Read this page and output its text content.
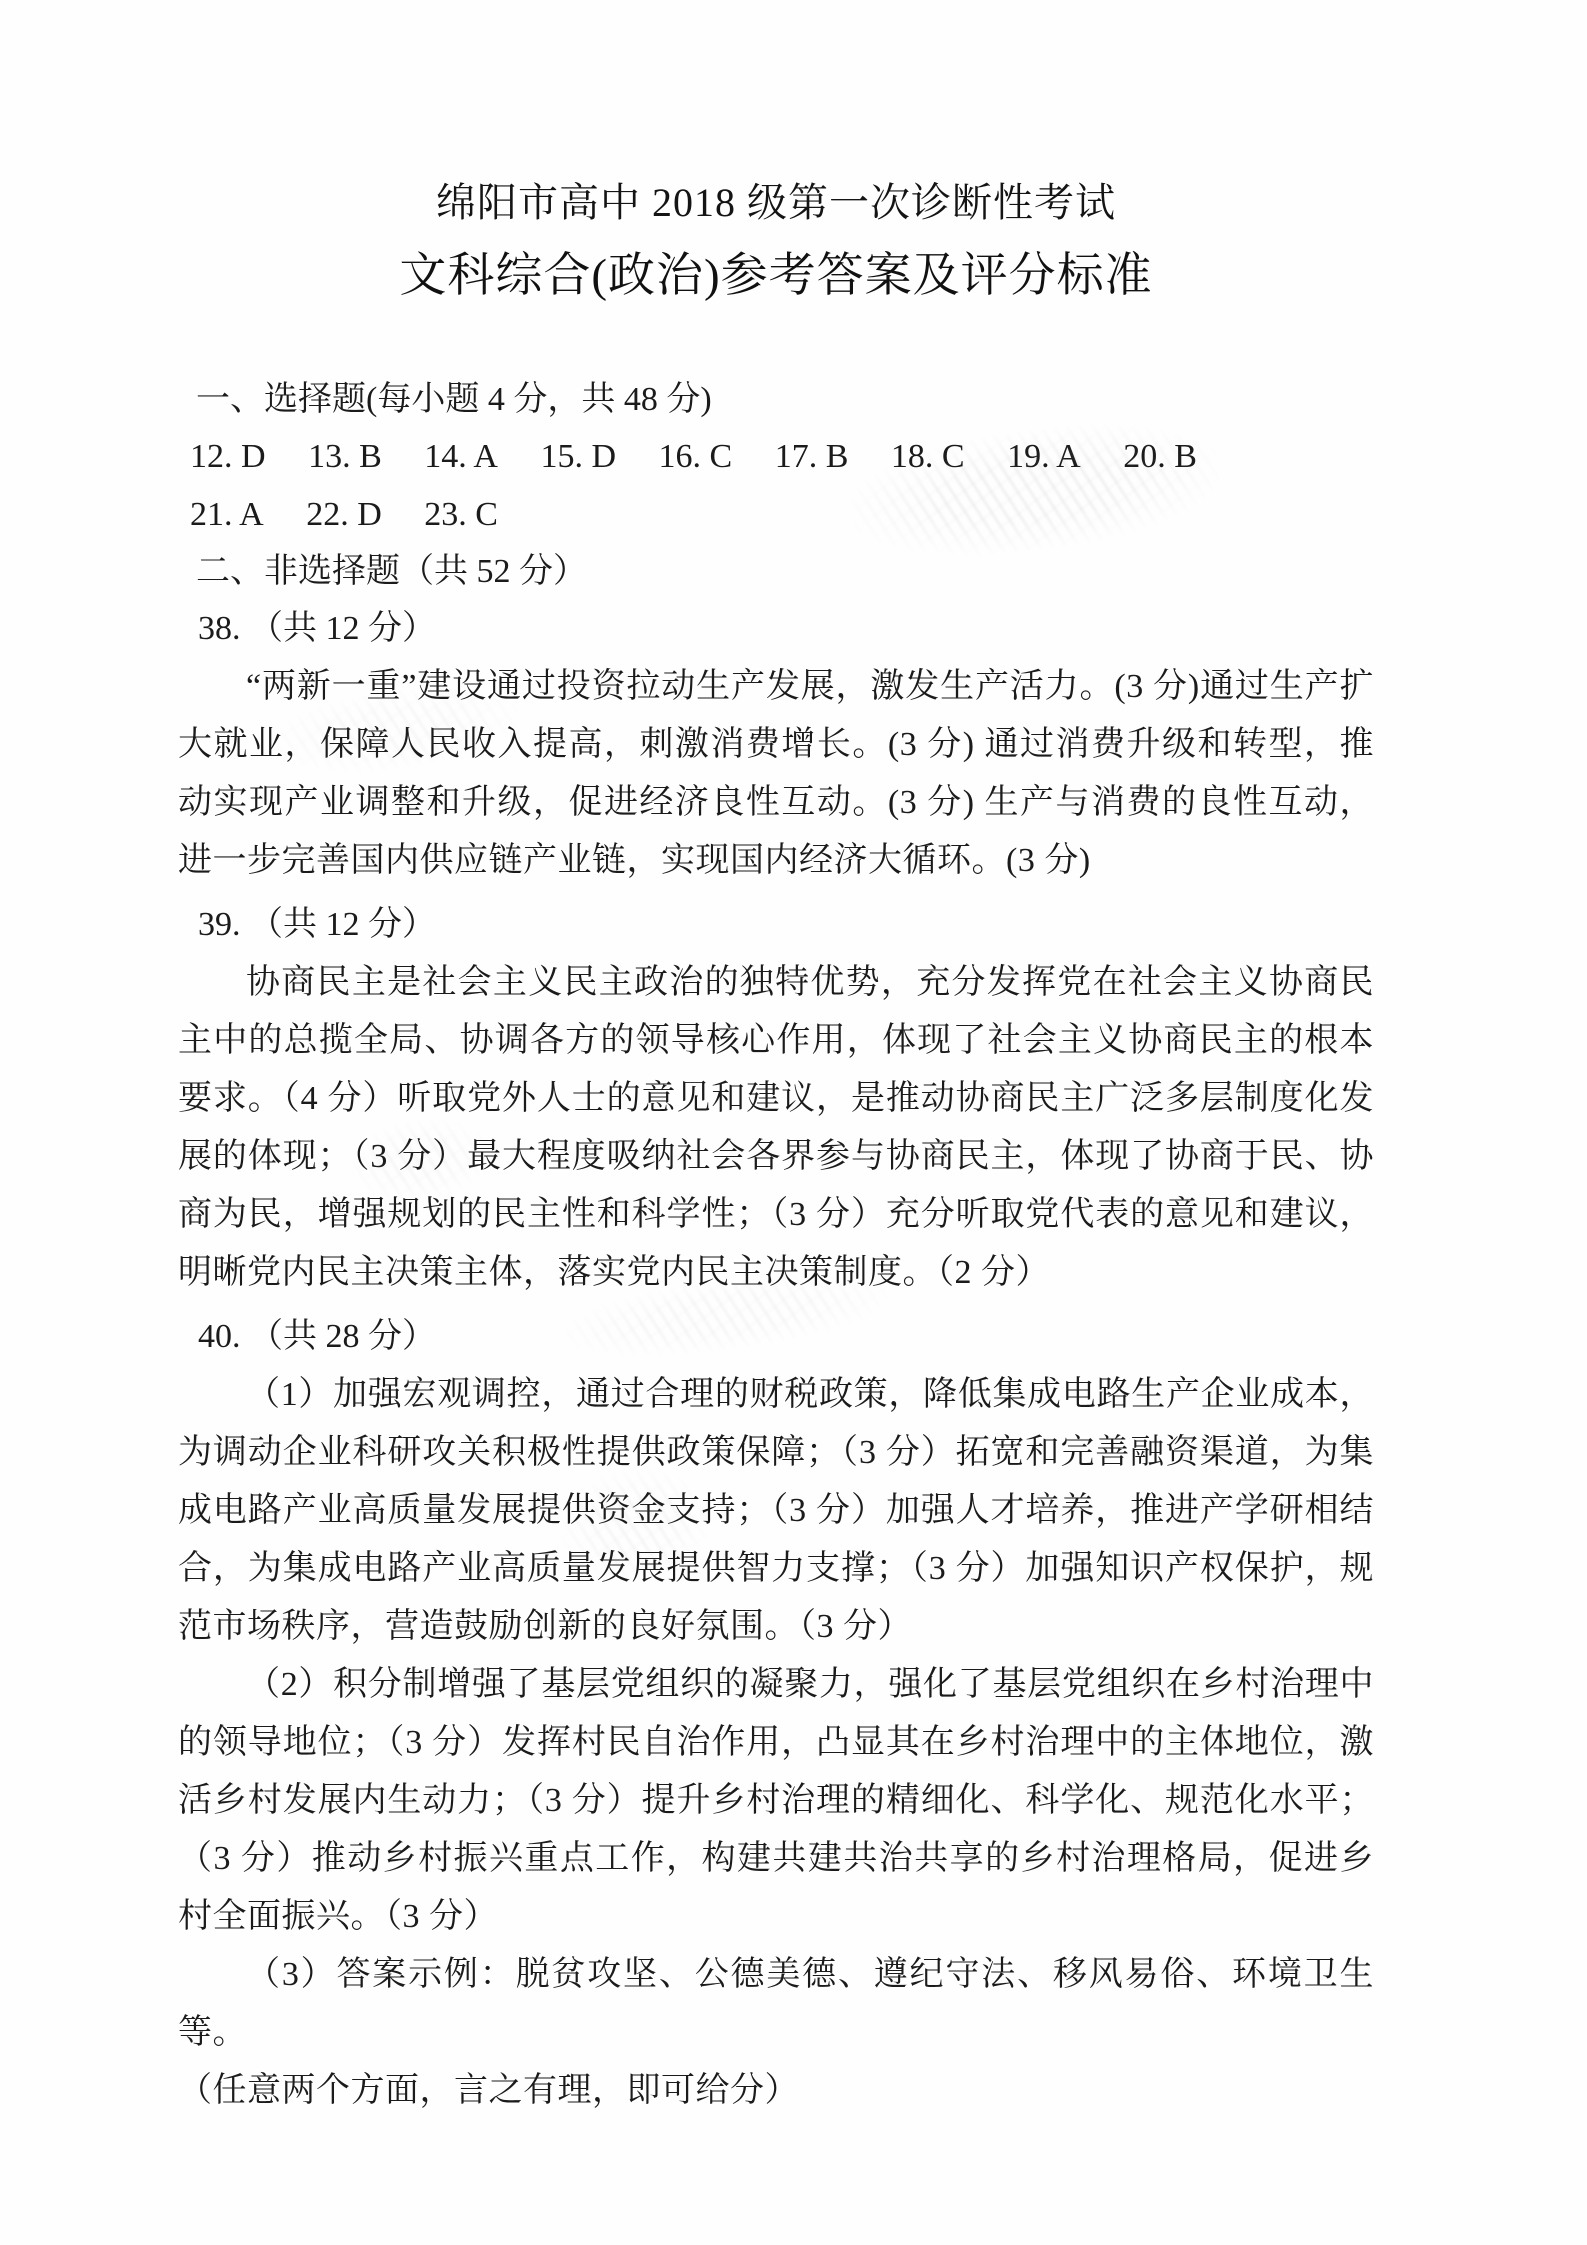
绵阳市高中 2018 级第一次诊断性考试
文科综合(政治)参考答案及评分标准
一、选择题(每小题 4 分，共 48 分)
12. D 13. B 14. A 15. D 16. C 17. B 18. C 19. A 20. B
21. A 22. D 23. C
二、非选择题（共 52 分）
38. （共 12 分）
“两新一重”建设通过投资拉动生产发展，激发生产活力。(3 分)通过生产扩大就业，保障人民收入提高，刺激消费增长。(3 分) 通过消费升级和转型，推动实现产业调整和升级，促进经济良性互动。(3 分) 生产与消费的良性互动，进一步完善国内供应链产业链，实现国内经济大循环。(3 分)
39. （共 12 分）
协商民主是社会主义民主政治的独特优势，充分发挥党在社会主义协商民主中的总揽全局、协调各方的领导核心作用，体现了社会主义协商民主的根本要求。（4 分）听取党外人士的意见和建议，是推动协商民主广泛多层制度化发展的体现；（3 分）最大程度吸纳社会各界参与协商民主，体现了协商于民、协商为民，增强规划的民主性和科学性；（3 分）充分听取党代表的意见和建议，明晰党内民主决策主体，落实党内民主决策制度。（2 分）
40. （共 28 分）
（1）加强宏观调控，通过合理的财税政策，降低集成电路生产企业成本，为调动企业科研攻关积极性提供政策保障；（3 分）拓宽和完善融资渠道，为集成电路产业高质量发展提供资金支持；（3 分）加强人才培养，推进产学研相结合，为集成电路产业高质量发展提供智力支撑；（3 分）加强知识产权保护，规范市场秩序，营造鼓励创新的良好氛围。（3 分）
（2）积分制增强了基层党组织的凝聚力，强化了基层党组织在乡村治理中的领导地位；（3 分）发挥村民自治作用，凸显其在乡村治理中的主体地位，激活乡村发展内生动力；（3 分）提升乡村治理的精细化、科学化、规范化水平；（3 分）推动乡村振兴重点工作，构建共建共治共享的乡村治理格局，促进乡村全面振兴。（3 分）
（3）答案示例：脱贫攻坚、公德美德、遵纪守法、移风易俗、环境卫生等。
（任意两个方面，言之有理，即可给分）
